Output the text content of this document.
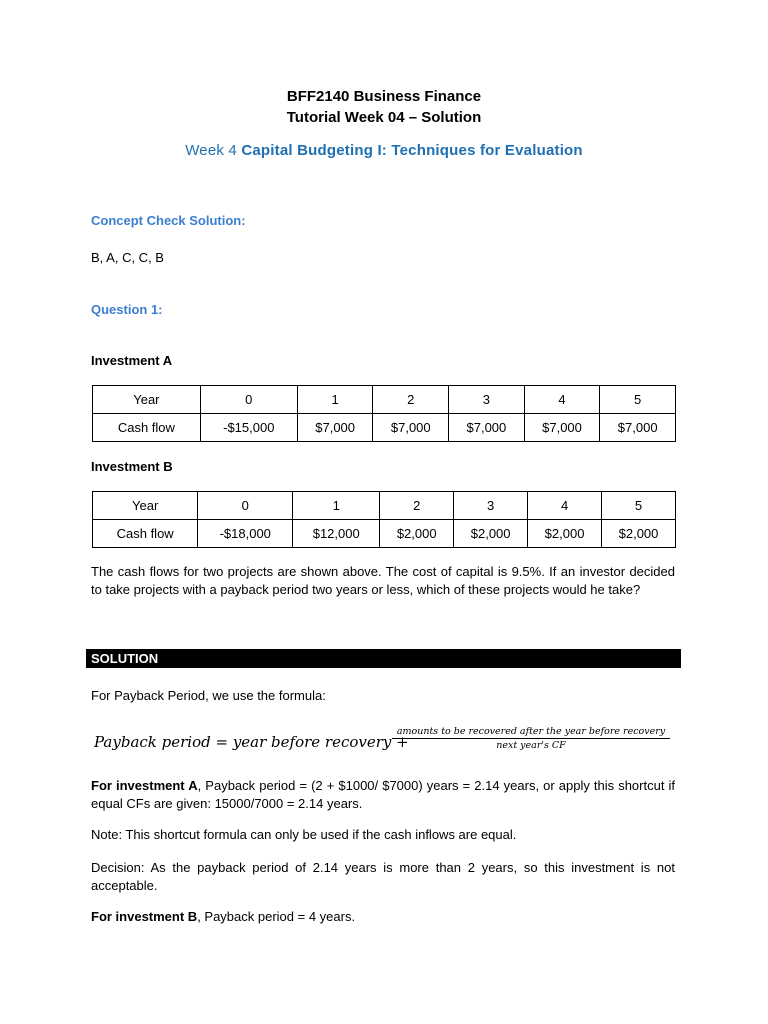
BFF2140 Business Finance
Tutorial Week 04 – Solution
Week 4 Capital Budgeting I: Techniques for Evaluation
Concept Check Solution:
B, A, C, C, B
Question 1:
Investment A
Year	0	1	2	3	4	5
Cash flow	-$15,000	$7,000	$7,000	$7,000	$7,000	$7,000
Investment B
Year	0	1	2	3	4	5
Cash flow	-$18,000	$12,000	$2,000	$2,000	$2,000	$2,000
The cash flows for two projects are shown above. The cost of capital is 9.5%. If an investor decided to take projects with a payback period two years or less, which of these projects would he take?
SOLUTION
For Payback Period, we use the formula:
Payback period = year before recovery +
amounts to be recovered after the year before recovery
next year's CF
For investment A, Payback period = (2 + $1000/ $7000) years = 2.14 years, or apply this shortcut if equal CFs are given: 15000/7000 = 2.14 years.
Note: This shortcut formula can only be used if the cash inflows are equal.
Decision: As the payback period of 2.14 years is more than 2 years, so this investment is not acceptable.
For investment B, Payback period = 4 years.
